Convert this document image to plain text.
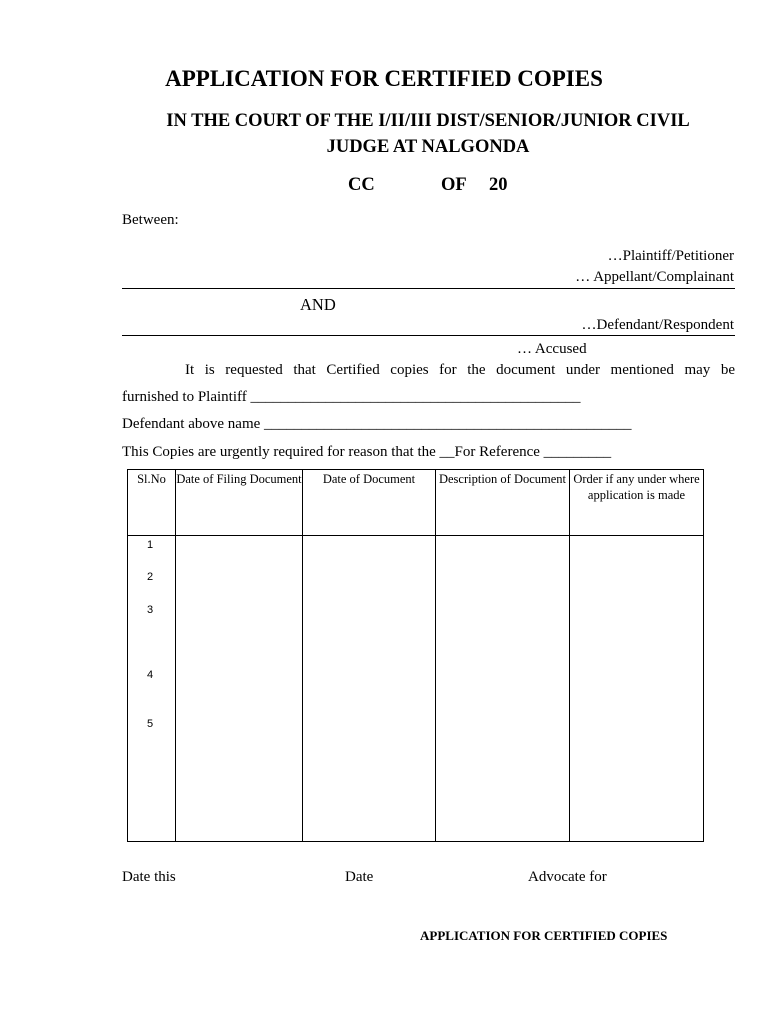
APPLICATION FOR CERTIFIED COPIES
IN THE COURT OF THE I/II/III DIST/SENIOR/JUNIOR CIVIL
JUDGE AT NALGONDA
CC	OF 20
Between:
…Plaintiff/Petitioner
… Appellant/Complainant
AND
…Defendant/Respondent
… Accused
It is requested that Certified copies for the document under mentioned may be
furnished to Plaintiff ____________________________________________
Defendant above name _________________________________________________
This Copies are urgently required for reason that the __For Reference _________
Sl.No	Date of Filing Document	Date of Document	Description of Document	Order if any under where application is made

1
2
3
4
5				

Date this	Date	Advocate for
APPLICATION FOR CERTIFIED COPIES
